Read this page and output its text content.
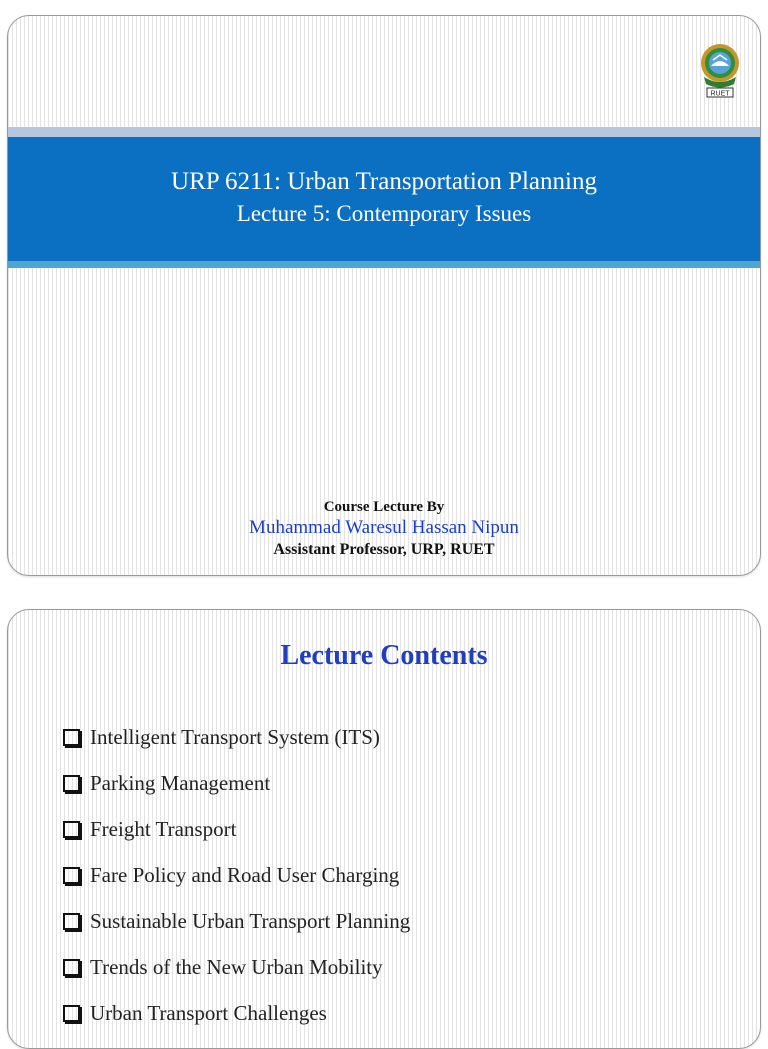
URP 6211: Urban Transportation Planning
Lecture 5: Contemporary Issues
RUET
Course Lecture By
Muhammad Waresul Hassan Nipun
Assistant Professor, URP, RUET
Lecture Contents
Intelligent Transport System (ITS)
Parking Management
Freight Transport
Fare Policy and Road User Charging
Sustainable Urban Transport Planning
Trends of the New Urban Mobility
Urban Transport Challenges
